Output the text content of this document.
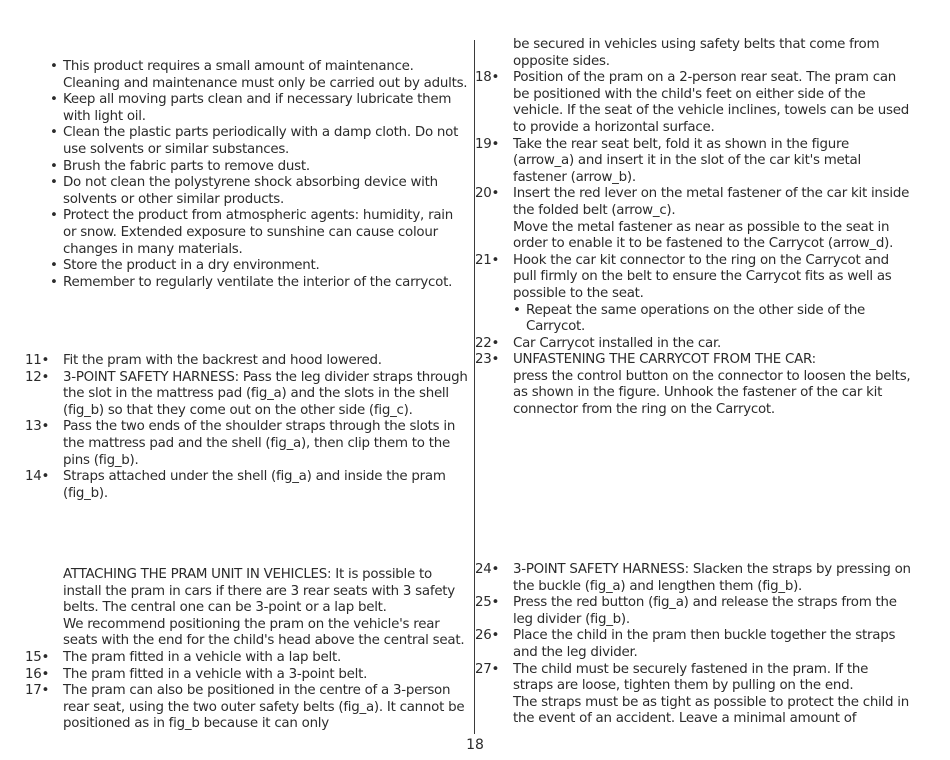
• This product requires a small amount of maintenance. Cleaning and maintenance must only be carried out by adults.
• Keep all moving parts clean and if necessary lubricate them with light oil.
• Clean the plastic parts periodically with a damp cloth. Do not use solvents or similar substances.
• Brush the fabric parts to remove dust.
• Do not clean the polystyrene shock absorbing device with solvents or other similar products.
• Protect the product from atmospheric agents: humidity, rain or snow. Extended exposure to sunshine can cause colour changes in many materials.
• Store the product in a dry environment.
• Remember to regularly ventilate the interior of the carrycot.
11•	Fit the pram with the backrest and hood lowered.
12•	3-POINT SAFETY HARNESS: Pass the leg divider straps through the slot in the mattress pad (fig_a) and the slots in the shell (fig_b) so that they come out on the other side (fig_c).
13•	Pass the two ends of the shoulder straps through the slots in the mattress pad and the shell (fig_a), then clip them to the pins (fig_b).
14•	Straps attached under the shell (fig_a) and inside the pram (fig_b).
ATTACHING THE PRAM UNIT IN VEHICLES: It is possible to install the pram in cars if there are 3 rear seats with 3 safety belts. The central one can be 3-point or a lap belt.
We recommend positioning the pram on the vehicle's rear seats with the end for the child's head above the central seat.
15•	The pram fitted in a vehicle with a lap belt.
16•	The pram fitted in a vehicle with a 3-point belt.
17•	The pram can also be positioned in the centre of a 3-person rear seat, using the two outer safety belts (fig_a). It cannot be positioned as in fig_b because it can only
be secured in vehicles using safety belts that come from opposite sides.
18•	Position of the pram on a 2-person rear seat. The pram can be positioned with the child's feet on either side of the vehicle. If the seat of the vehicle inclines, towels can be used to provide a horizontal surface.
19•	Take the rear seat belt, fold it as shown in the figure (arrow_a) and insert it in the slot of the car kit's metal fastener (arrow_b).
20•	Insert the red lever on the metal fastener of the car kit inside the folded belt (arrow_c).
Move the metal fastener as near as possible to the seat in order to enable it to be fastened to the Carrycot (arrow_d).
21•	Hook the car kit connector to the ring on the Carrycot and pull firmly on the belt to ensure the Carrycot fits as well as possible to the seat.
• Repeat the same operations on the other side of the Carrycot.
22•	Car Carrycot installed in the car.
23•	UNFASTENING THE CARRYCOT FROM THE CAR:
press the control button on the connector to loosen the belts, as shown in the figure. Unhook the fastener of the car kit connector from the ring on the Carrycot.
24•	3-POINT SAFETY HARNESS: Slacken the straps by pressing on the buckle (fig_a) and lengthen them (fig_b).
25•	Press the red button (fig_a) and release the straps from the leg divider (fig_b).
26•	Place the child in the pram then buckle together the straps and the leg divider.
27•	The child must be securely fastened in the pram. If the straps are loose, tighten them by pulling on the end.
The straps must be as tight as possible to protect the child in the event of an accident. Leave a minimal amount of
18
